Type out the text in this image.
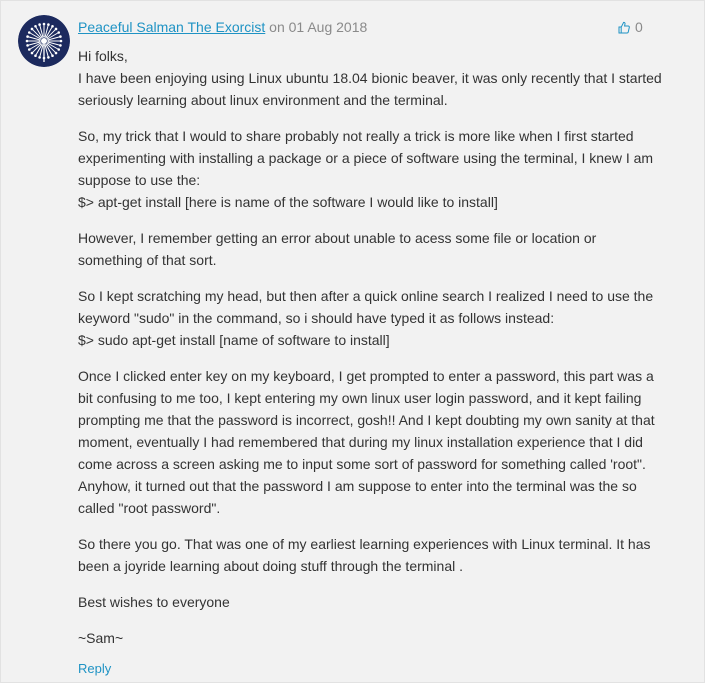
Peaceful Salman The Exorcist on 01 Aug 2018	0

Hi folks,
I have been enjoying using Linux ubuntu 18.04 bionic beaver, it was only recently that I started seriously learning about linux environment and the terminal.

So, my trick that I would to share probably not really a trick is more like when I first started experimenting with installing a package or a piece of software using the terminal, I knew I am suppose to use the:
$> apt-get install [here is name of the software I would like to install]

However, I remember getting an error about unable to acess some file or location or something of that sort.

So I kept scratching my head, but then after a quick online search I realized I need to use the keyword "sudo" in the command, so i should have typed it as follows instead:
$> sudo apt-get install [name of software to install]

Once I clicked enter key on my keyboard, I get prompted to enter a password, this part was a bit confusing to me too, I kept entering my own linux user login password, and it kept failing prompting me that the password is incorrect, gosh!! And I kept doubting my own sanity at that moment, eventually I had remembered that during my linux installation experience that I did come across a screen asking me to input some sort of password for something called 'root". Anyhow, it turned out that the password I am suppose to enter into the terminal was the so called "root password".

So there you go. That was one of my earliest learning experiences with Linux terminal. It has been a joyride learning about doing stuff through the terminal .

Best wishes to everyone

~Sam~

Reply
